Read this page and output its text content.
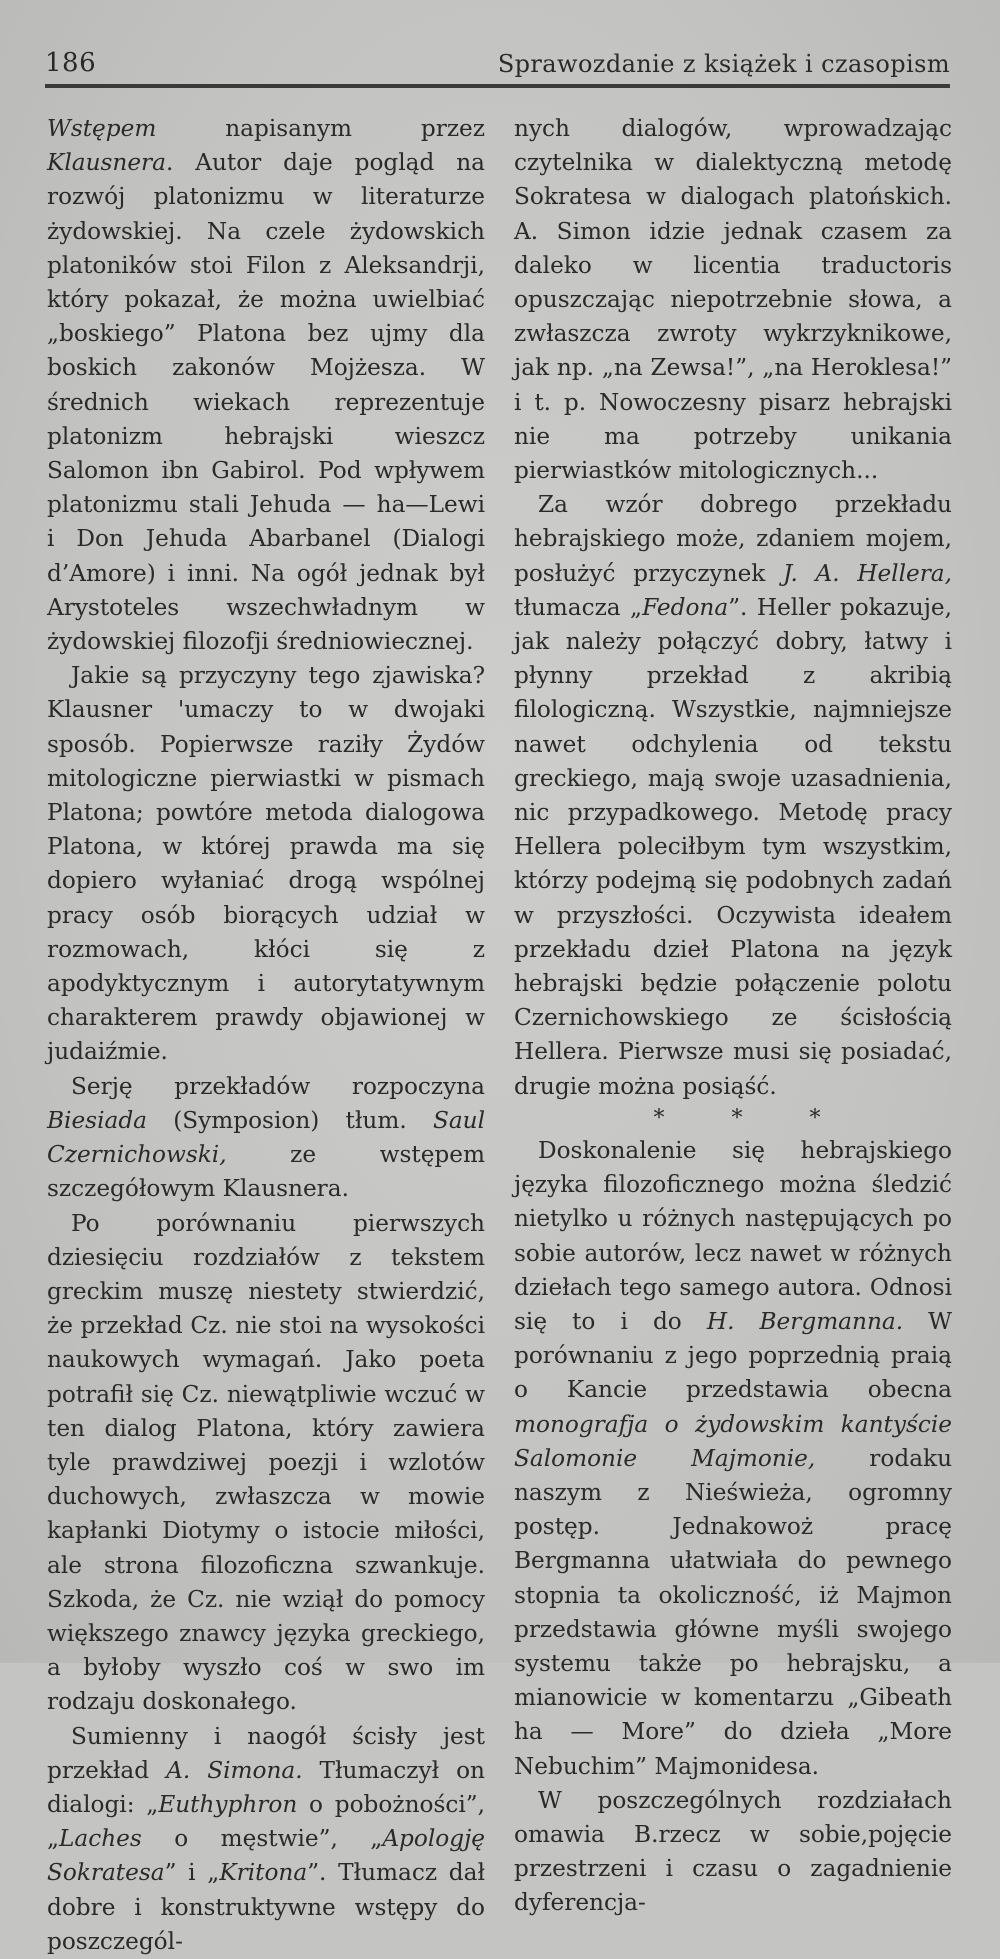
186	Sprawozdanie z książek i czasopism

Wstępem napisanym przez Klausnera. Autor daje pogląd na rozwój platonizmu w literaturze żydowskiej. Na czele żydowskich platoników stoi Filon z Aleksandrji, który pokazał, że można uwielbiać „boskiego” Platona bez ujmy dla boskich zakonów Mojżesza. W średnich wiekach reprezentuje platonizm hebrajski wieszcz Salomon ibn Gabirol. Pod wpływem platonizmu stali Jehuda — ha—Lewi i Don Jehuda Abarbanel (Dialogi d’Amore) i inni. Na ogół jednak był Arystoteles wszechwładnym w żydowskiej filozofji średniowiecznej.

Jakie są przyczyny tego zjawiska? Klausner 'umaczy to w dwojaki sposób. Popierwsze raziły Żydów mitologiczne pierwiastki w pismach Platona; powtóre metoda dialogowa Platona, w której prawda ma się dopiero wyłaniać drogą wspólnej pracy osób biorących udział w rozmowach, kłóci się z apodyktycznym i autorytatywnym charakterem prawdy objawionej w judaiźmie.

Serję przekładów rozpoczyna Biesiada (Symposion) tłum. Saul Czernichowski, ze wstępem szczegółowym Klausnera.

Po porównaniu pierwszych dziesięciu rozdziałów z tekstem greckim muszę niestety stwierdzić, że przekład Cz. nie stoi na wysokości naukowych wymagań. Jako poeta potrafił się Cz. niewątpliwie wczuć w ten dialog Platona, który zawiera tyle prawdziwej poezji i wzlotów duchowych, zwłaszcza w mowie kapłanki Diotymy o istocie miłości, ale strona filozoficzna szwankuje. Szkoda, że Cz. nie wziął do pomocy większego znawcy języka greckiego, a byłoby wyszło coś w swo im rodzaju doskonałego.

Sumienny i naogół ścisły jest przekład A. Simona. Tłumaczył on dialogi: „Euthyphron o pobożności”, „Laches o męstwie”, „Apologję Sokratesa” i „Kritona”. Tłumacz dał dobre i konstruktywne wstępy do poszczegól-

nych dialogów, wprowadzając czytelnika w dialektyczną metodę Sokratesa w dialogach platońskich. A. Simon idzie jednak czasem za daleko w licentia traductoris opuszczając niepotrzebnie słowa, a zwłaszcza zwroty wykrzyknikowe, jak np. „na Zewsa!”, „na Heroklesa!” i t. p. Nowoczesny pisarz hebrajski nie ma potrzeby unikania pierwiastków mitologicznych...

Za wzór dobrego przekładu hebrajskiego może, zdaniem mojem, posłużyć przyczynek J. A. Hellera, tłumacza „Fedona”. Heller pokazuje, jak należy połączyć dobry, łatwy i płynny przekład z akribią filologiczną. Wszystkie, najmniejsze nawet odchylenia od tekstu greckiego, mają swoje uzasadnienia, nic przypadkowego. Metodę pracy Hellera poleciłbym tym wszystkim, którzy podejmą się podobnych zadań w przyszłości. Oczywista ideałem przekładu dzieł Platona na język hebrajski będzie połączenie polotu Czernichowskiego ze ścisłością Hellera. Pierwsze musi się posiadać, drugie można posiąść.

* * *

Doskonalenie się hebrajskiego języka filozoficznego można śledzić nietylko u różnych następujących po sobie autorów, lecz nawet w różnych dziełach tego samego autora. Odnosi się to i do H. Bergmanna. W porównaniu z jego poprzednią praią o Kancie przedstawia obecna monografja o żydowskim kantyście Salomonie Majmonie, rodaku naszym z Nieświeża, ogromny postęp. Jednakowoż pracę Bergmanna ułatwiała do pewnego stopnia ta okoliczność, iż Majmon przedstawia główne myśli swojego systemu także po hebrajsku, a mianowicie w komentarzu „Gibeath ha — More” do dzieła „More Nebuchim” Majmonidesa.

W poszczególnych rozdziałach omawia B.rzecz w sobie,pojęcie przestrzeni i czasu o zagadnienie dyferencja-
